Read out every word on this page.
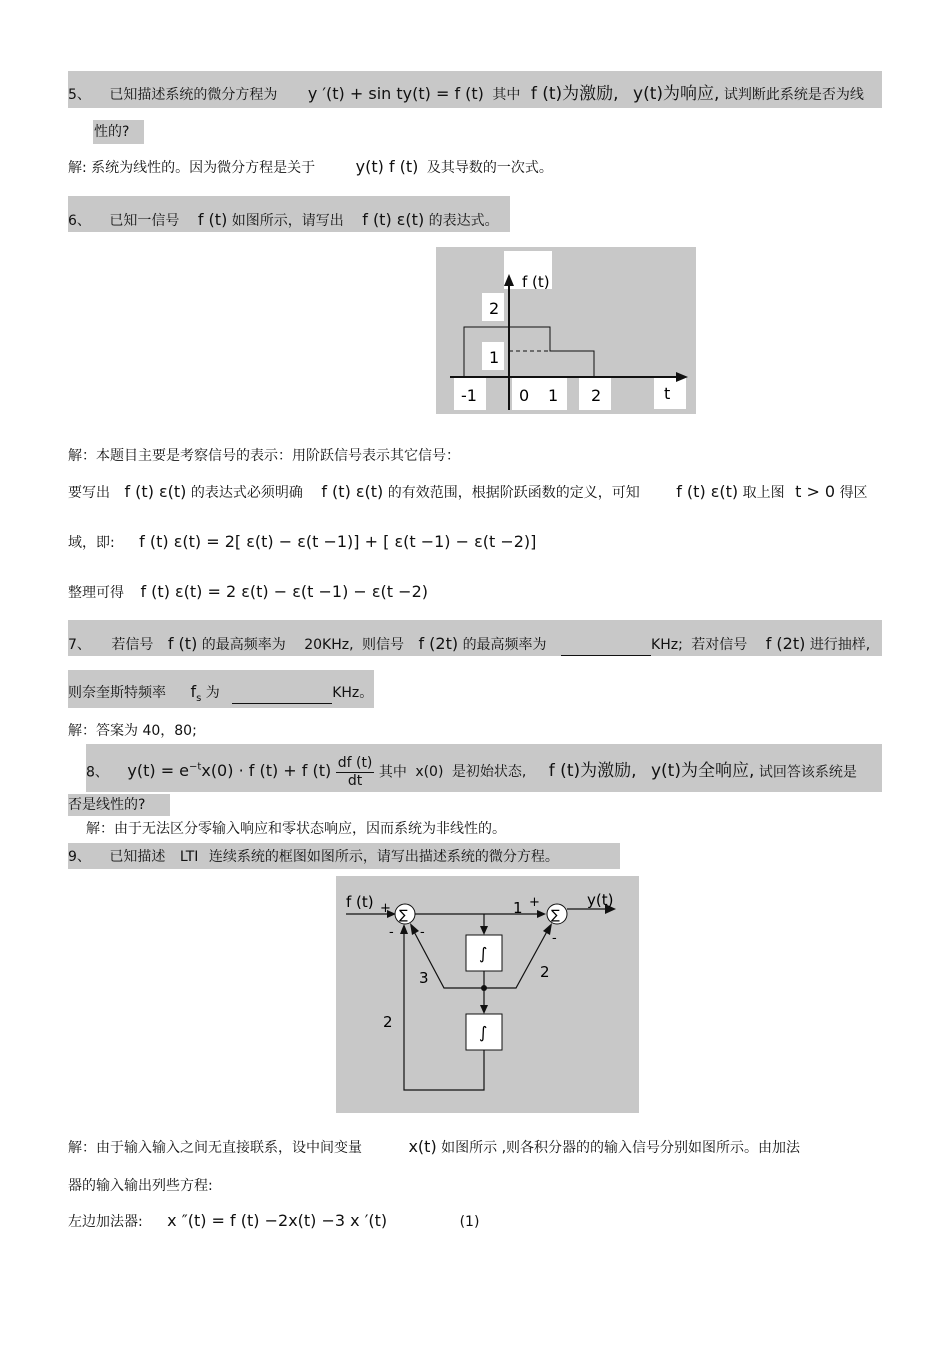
5、 已知描述系统的微分方程为 y ′(t) + sin ty(t) = f (t) 其中 f (t)为激励, y(t)为响应, 试判断此系统是否为线
性的?
解: 系统为线性的。因为微分方程是关于	y(t) f (t) 及其导数的一次式。
6、 已知一信号 f (t) 如图所示，请写出 f (t) ε(t) 的表达式。
f (t)
2
1
-1	0 1 2	t
解：本题目主要是考察信号的表示：用阶跃信号表示其它信号：
要写出 f (t) ε(t) 的表达式必须明确 f (t) ε(t) 的有效范围，根据阶跃函数的定义，可知 f (t) ε(t) 取上图 t > 0 得区
域，即: f (t) ε(t) = 2[ ε(t) − ε(t −1)] + [ ε(t −1) − ε(t −2)]
整理可得 f (t) ε(t) = 2 ε(t) − ε(t −1) − ε(t −2)
7、 若信号 f (t) 的最高频率为 20KHz, 则信号 f (2t) 的最高频率为	KHz; 若对信号 f (2t) 进行抽样,
则奈奎斯特频率 $f_s$ 为	KHz。
解：答案为 40，80;
8、 $y(t) = e^{-t}x(0) \cdot f$ (t) + f $(t) \frac{df (t)}{dt}$ 其中 x(0) 是初始状态, f (t)为激励, y(t)为全响应, 试回答该系统是
否是线性的?
解：由于无法区分零输入响应和零状态响应，因而系统为非线性的。
9、 已知描述 LTI 连续系统的框图如图所示，请写出描述系统的微分方程。
∑	∑
∫
∫
f (t) +
- -
1 +
-
y(t)
3	2
2
解：由于输入输入之间无直接联系，设中间变量	x(t) 如图所示 ,则各积分器的的输入信号分别如图所示。由加法
器的输入输出列些方程:
左边加法器: x ″(t) = f (t) −2x(t) −3 x ′(t)	(1)
